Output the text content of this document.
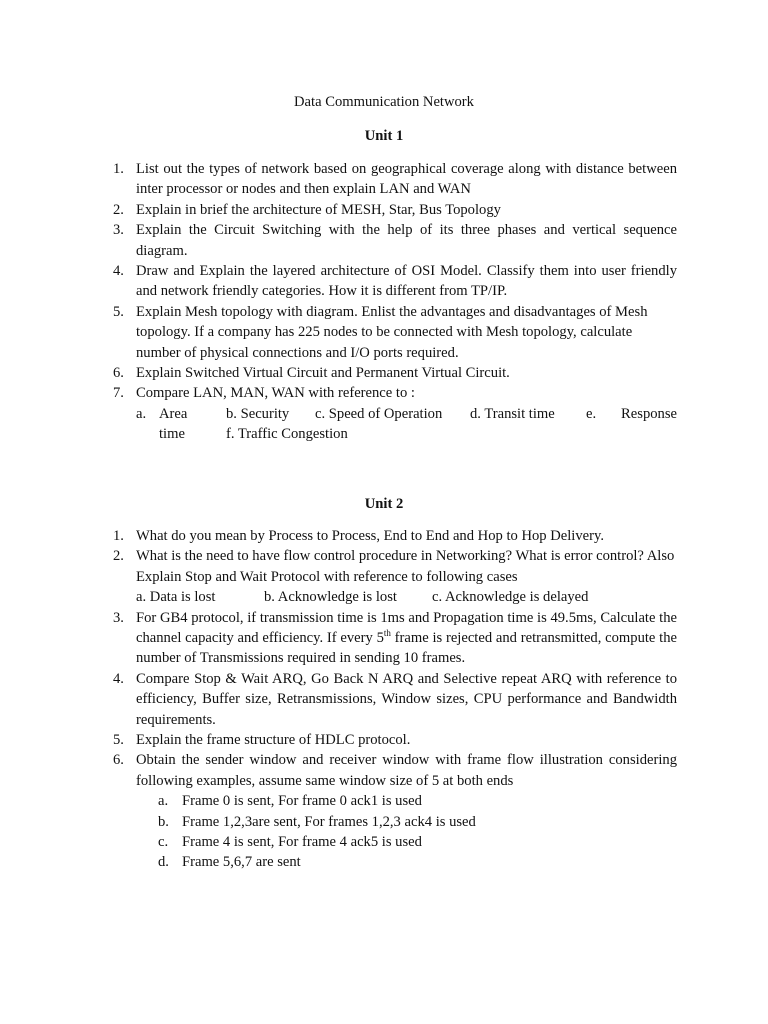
Data Communication Network
Unit 1
1. List out the types of network based on geographical coverage along with distance between inter processor or nodes and then explain LAN and WAN
2. Explain in brief the architecture of MESH, Star, Bus Topology
3. Explain the Circuit Switching with the help of its three phases and vertical sequence diagram.
4. Draw and Explain the layered architecture of OSI Model. Classify them into user friendly and network friendly categories. How it is different from TP/IP.
5. Explain Mesh topology with diagram. Enlist the advantages and disadvantages of Mesh topology. If a company has 225 nodes to be connected with Mesh topology, calculate number of physical connections and I/O ports required.
6. Explain Switched Virtual Circuit and Permanent Virtual Circuit.
7. Compare LAN, MAN, WAN with reference to :
a. Area	b. Security c. Speed of Operation d. Transit time e. Response
time	f. Traffic Congestion
Unit 2
1. What do you mean by Process to Process, End to End and Hop to Hop Delivery.
2. What is the need to have flow control procedure in Networking? What is error control? Also Explain Stop and Wait Protocol with reference to following cases
a. Data is lost	b. Acknowledge is lost c. Acknowledge is delayed
3. For GB4 protocol, if transmission time is 1ms and Propagation time is 49.5ms, Calculate the channel capacity and efficiency. If every 5th frame is rejected and retransmitted, compute the number of Transmissions required in sending 10 frames.
4. Compare Stop & Wait ARQ, Go Back N ARQ and Selective repeat ARQ with reference to efficiency, Buffer size, Retransmissions, Window sizes, CPU performance and Bandwidth requirements.
5. Explain the frame structure of HDLC protocol.
6. Obtain the sender window and receiver window with frame flow illustration considering following examples, assume same window size of 5 at both ends
a. Frame 0 is sent, For frame 0 ack1 is used
b. Frame 1,2,3are sent, For frames 1,2,3 ack4 is used
c. Frame 4 is sent, For frame 4 ack5 is used
d. Frame 5,6,7 are sent
